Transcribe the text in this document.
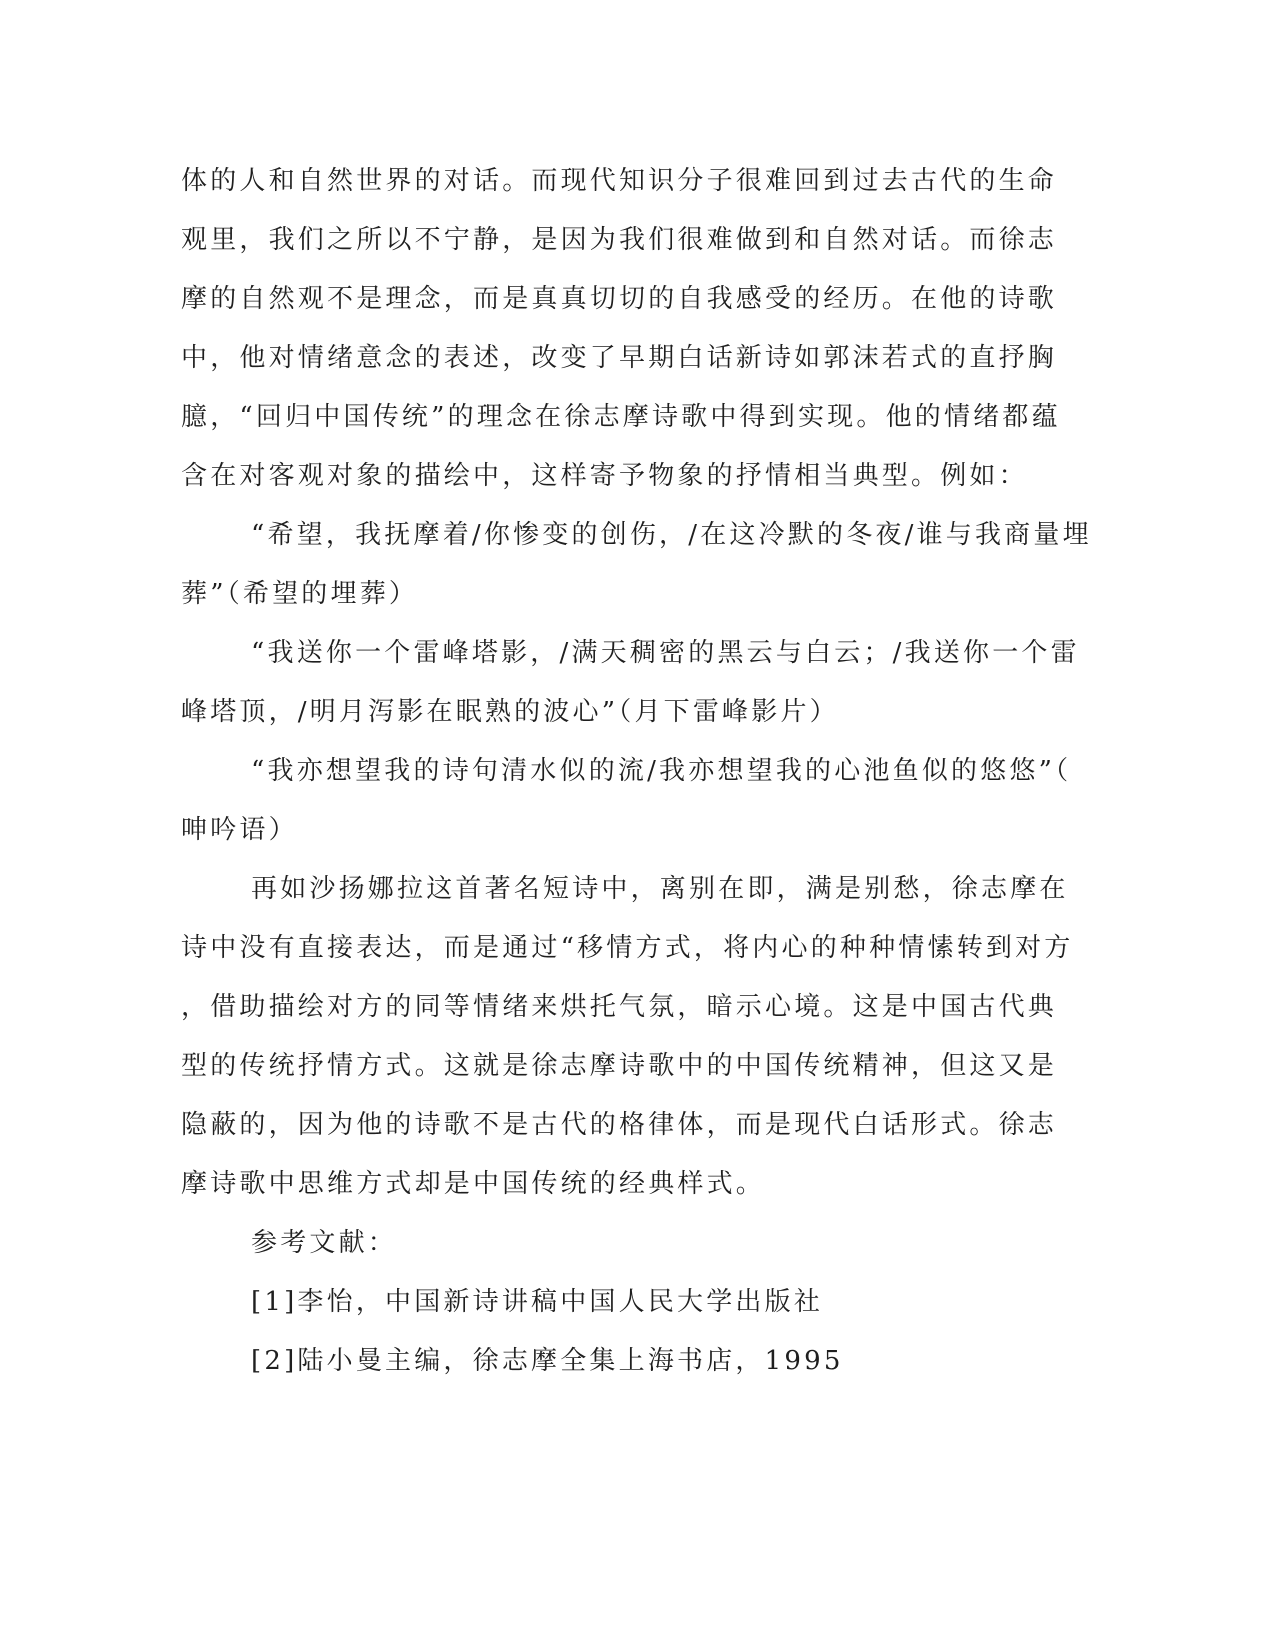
体的人和自然世界的对话。而现代知识分子很难回到过去古代的生命

观里，我们之所以不宁静，是因为我们很难做到和自然对话。而徐志

摩的自然观不是理念，而是真真切切的自我感受的经历。在他的诗歌

中，他对情绪意念的表述，改变了早期白话新诗如郭沫若式的直抒胸

臆，“回归中国传统”的理念在徐志摩诗歌中得到实现。他的情绪都蕴

含在对客观对象的描绘中，这样寄予物象的抒情相当典型。例如：

“希望，我抚摩着/你惨变的创伤，/在这冷默的冬夜/谁与我商量埋

葬”（希望的埋葬）

“我送你一个雷峰塔影，/满天稠密的黑云与白云；/我送你一个雷

峰塔顶，/明月泻影在眠熟的波心”（月下雷峰影片）

“我亦想望我的诗句清水似的流/我亦想望我的心池鱼似的悠悠”（

呻吟语）

再如沙扬娜拉这首著名短诗中，离别在即，满是别愁，徐志摩在

诗中没有直接表达，而是通过“移情方式，将内心的种种情愫转到对方

，借助描绘对方的同等情绪来烘托气氛，暗示心境。这是中国古代典

型的传统抒情方式。这就是徐志摩诗歌中的中国传统精神，但这又是

隐蔽的，因为他的诗歌不是古代的格律体，而是现代白话形式。徐志

摩诗歌中思维方式却是中国传统的经典样式。

参考文献：

[1]李怡，中国新诗讲稿中国人民大学出版社

[2]陆小曼主编，徐志摩全集上海书店，1995
